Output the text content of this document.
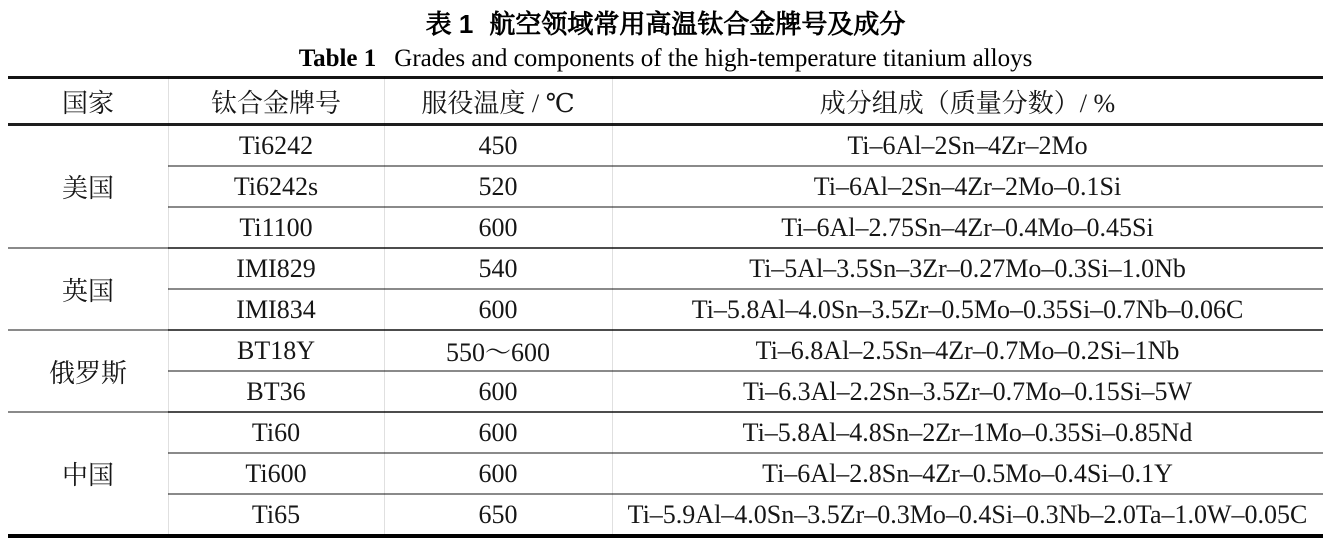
表 1 航空领域常用高温钛合金牌号及成分
Table 1 Grades and components of the high-temperature titanium alloys
国家	钛合金牌号	服役温度 / ℃	成分组成（质量分数）/ %
美国	Ti6242	450	Ti–6Al–2Sn–4Zr–2Mo
	Ti6242s	520	Ti–6Al–2Sn–4Zr–2Mo–0.1Si
	Ti1100	600	Ti–6Al–2.75Sn–4Zr–0.4Mo–0.45Si
英国	IMI829	540	Ti–5Al–3.5Sn–3Zr–0.27Mo–0.3Si–1.0Nb
	IMI834	600	Ti–5.8Al–4.0Sn–3.5Zr–0.5Mo–0.35Si–0.7Nb–0.06C
俄罗斯	BT18Y	550～600	Ti–6.8Al–2.5Sn–4Zr–0.7Mo–0.2Si–1Nb
	BT36	600	Ti–6.3Al–2.2Sn–3.5Zr–0.7Mo–0.15Si–5W
中国	Ti60	600	Ti–5.8Al–4.8Sn–2Zr–1Mo–0.35Si–0.85Nd
	Ti600	600	Ti–6Al–2.8Sn–4Zr–0.5Mo–0.4Si–0.1Y
	Ti65	650	Ti–5.9Al–4.0Sn–3.5Zr–0.3Mo–0.4Si–0.3Nb–2.0Ta–1.0W–0.05C
